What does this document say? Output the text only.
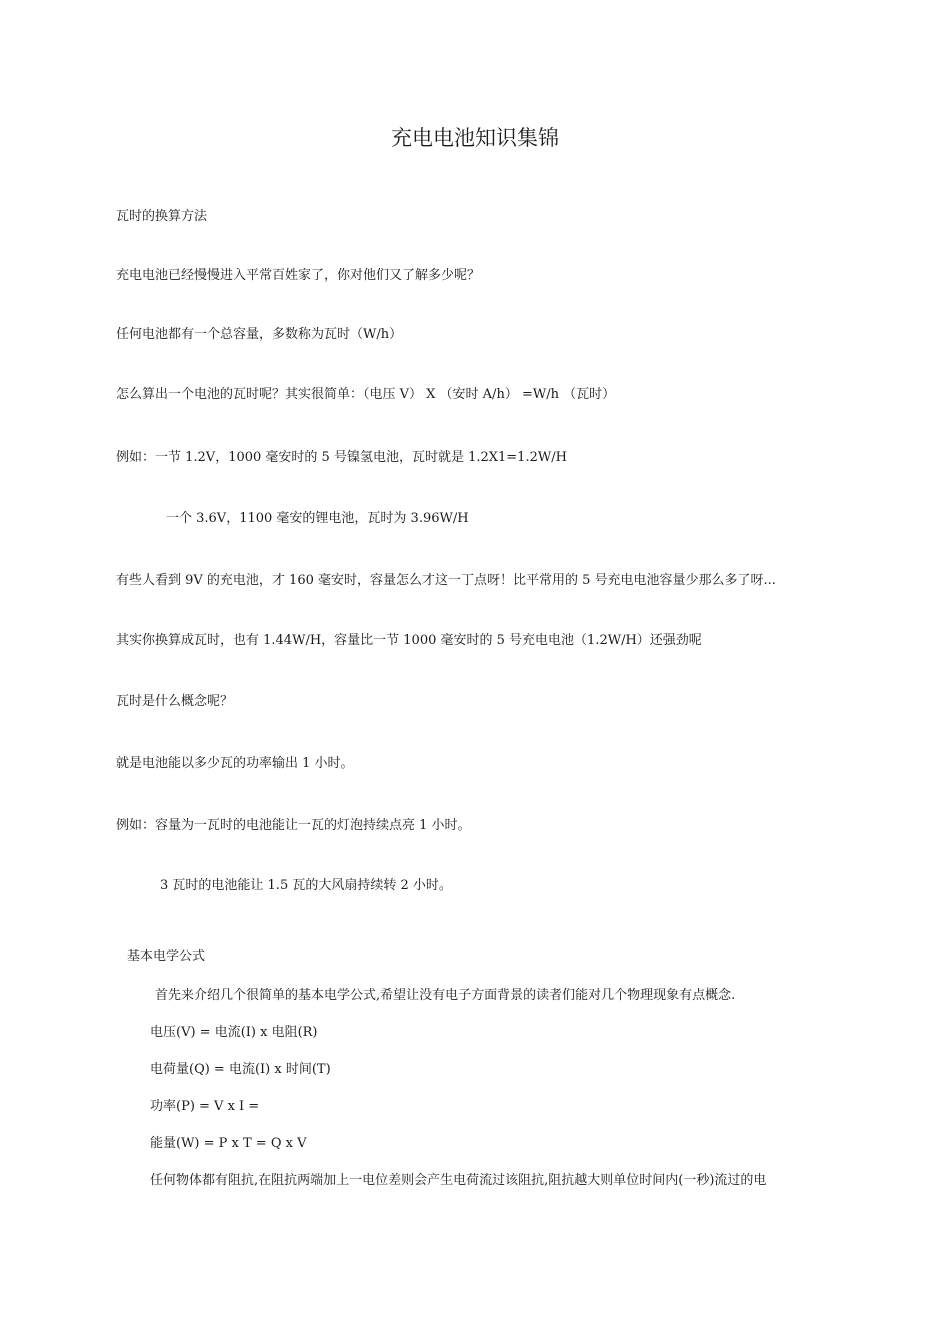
充电电池知识集锦
瓦时的换算方法
充电电池已经慢慢进入平常百姓家了，你对他们又了解多少呢？
任何电池都有一个总容量，多数称为瓦时（W/h）
怎么算出一个电池的瓦时呢？其实很简单：（电压 V） X （安时 A/h） =W/h （瓦时）
例如：一节 1.2V，1000 毫安时的 5 号镍氢电池，瓦时就是 1.2X1=1.2W/H
一个 3.6V，1100 毫安的锂电池，瓦时为 3.96W/H
有些人看到 9V 的充电池，才 160 毫安时，容量怎么才这一丁点呀！比平常用的 5 号充电电池容量少那么多了呀...
其实你换算成瓦时，也有 1.44W/H，容量比一节 1000 毫安时的 5 号充电电池（1.2W/H）还强劲呢
瓦时是什么概念呢？
就是电池能以多少瓦的功率输出 1 小时。
例如：容量为一瓦时的电池能让一瓦的灯泡持续点亮 1 小时。
3 瓦时的电池能让 1.5 瓦的大风扇持续转 2 小时。
基本电学公式
首先来介绍几个很简单的基本电学公式,希望让没有电子方面背景的读者们能对几个物理现象有点概念.
电压(V) = 电流(I) x 电阻(R)
电荷量(Q) = 电流(I) x 时间(T)
功率(P) = V x I =
能量(W) = P x T = Q x V
任何物体都有阻抗,在阻抗两端加上一电位差则会产生电荷流过该阻抗,阻抗越大则单位时间内(一秒)流过的电
